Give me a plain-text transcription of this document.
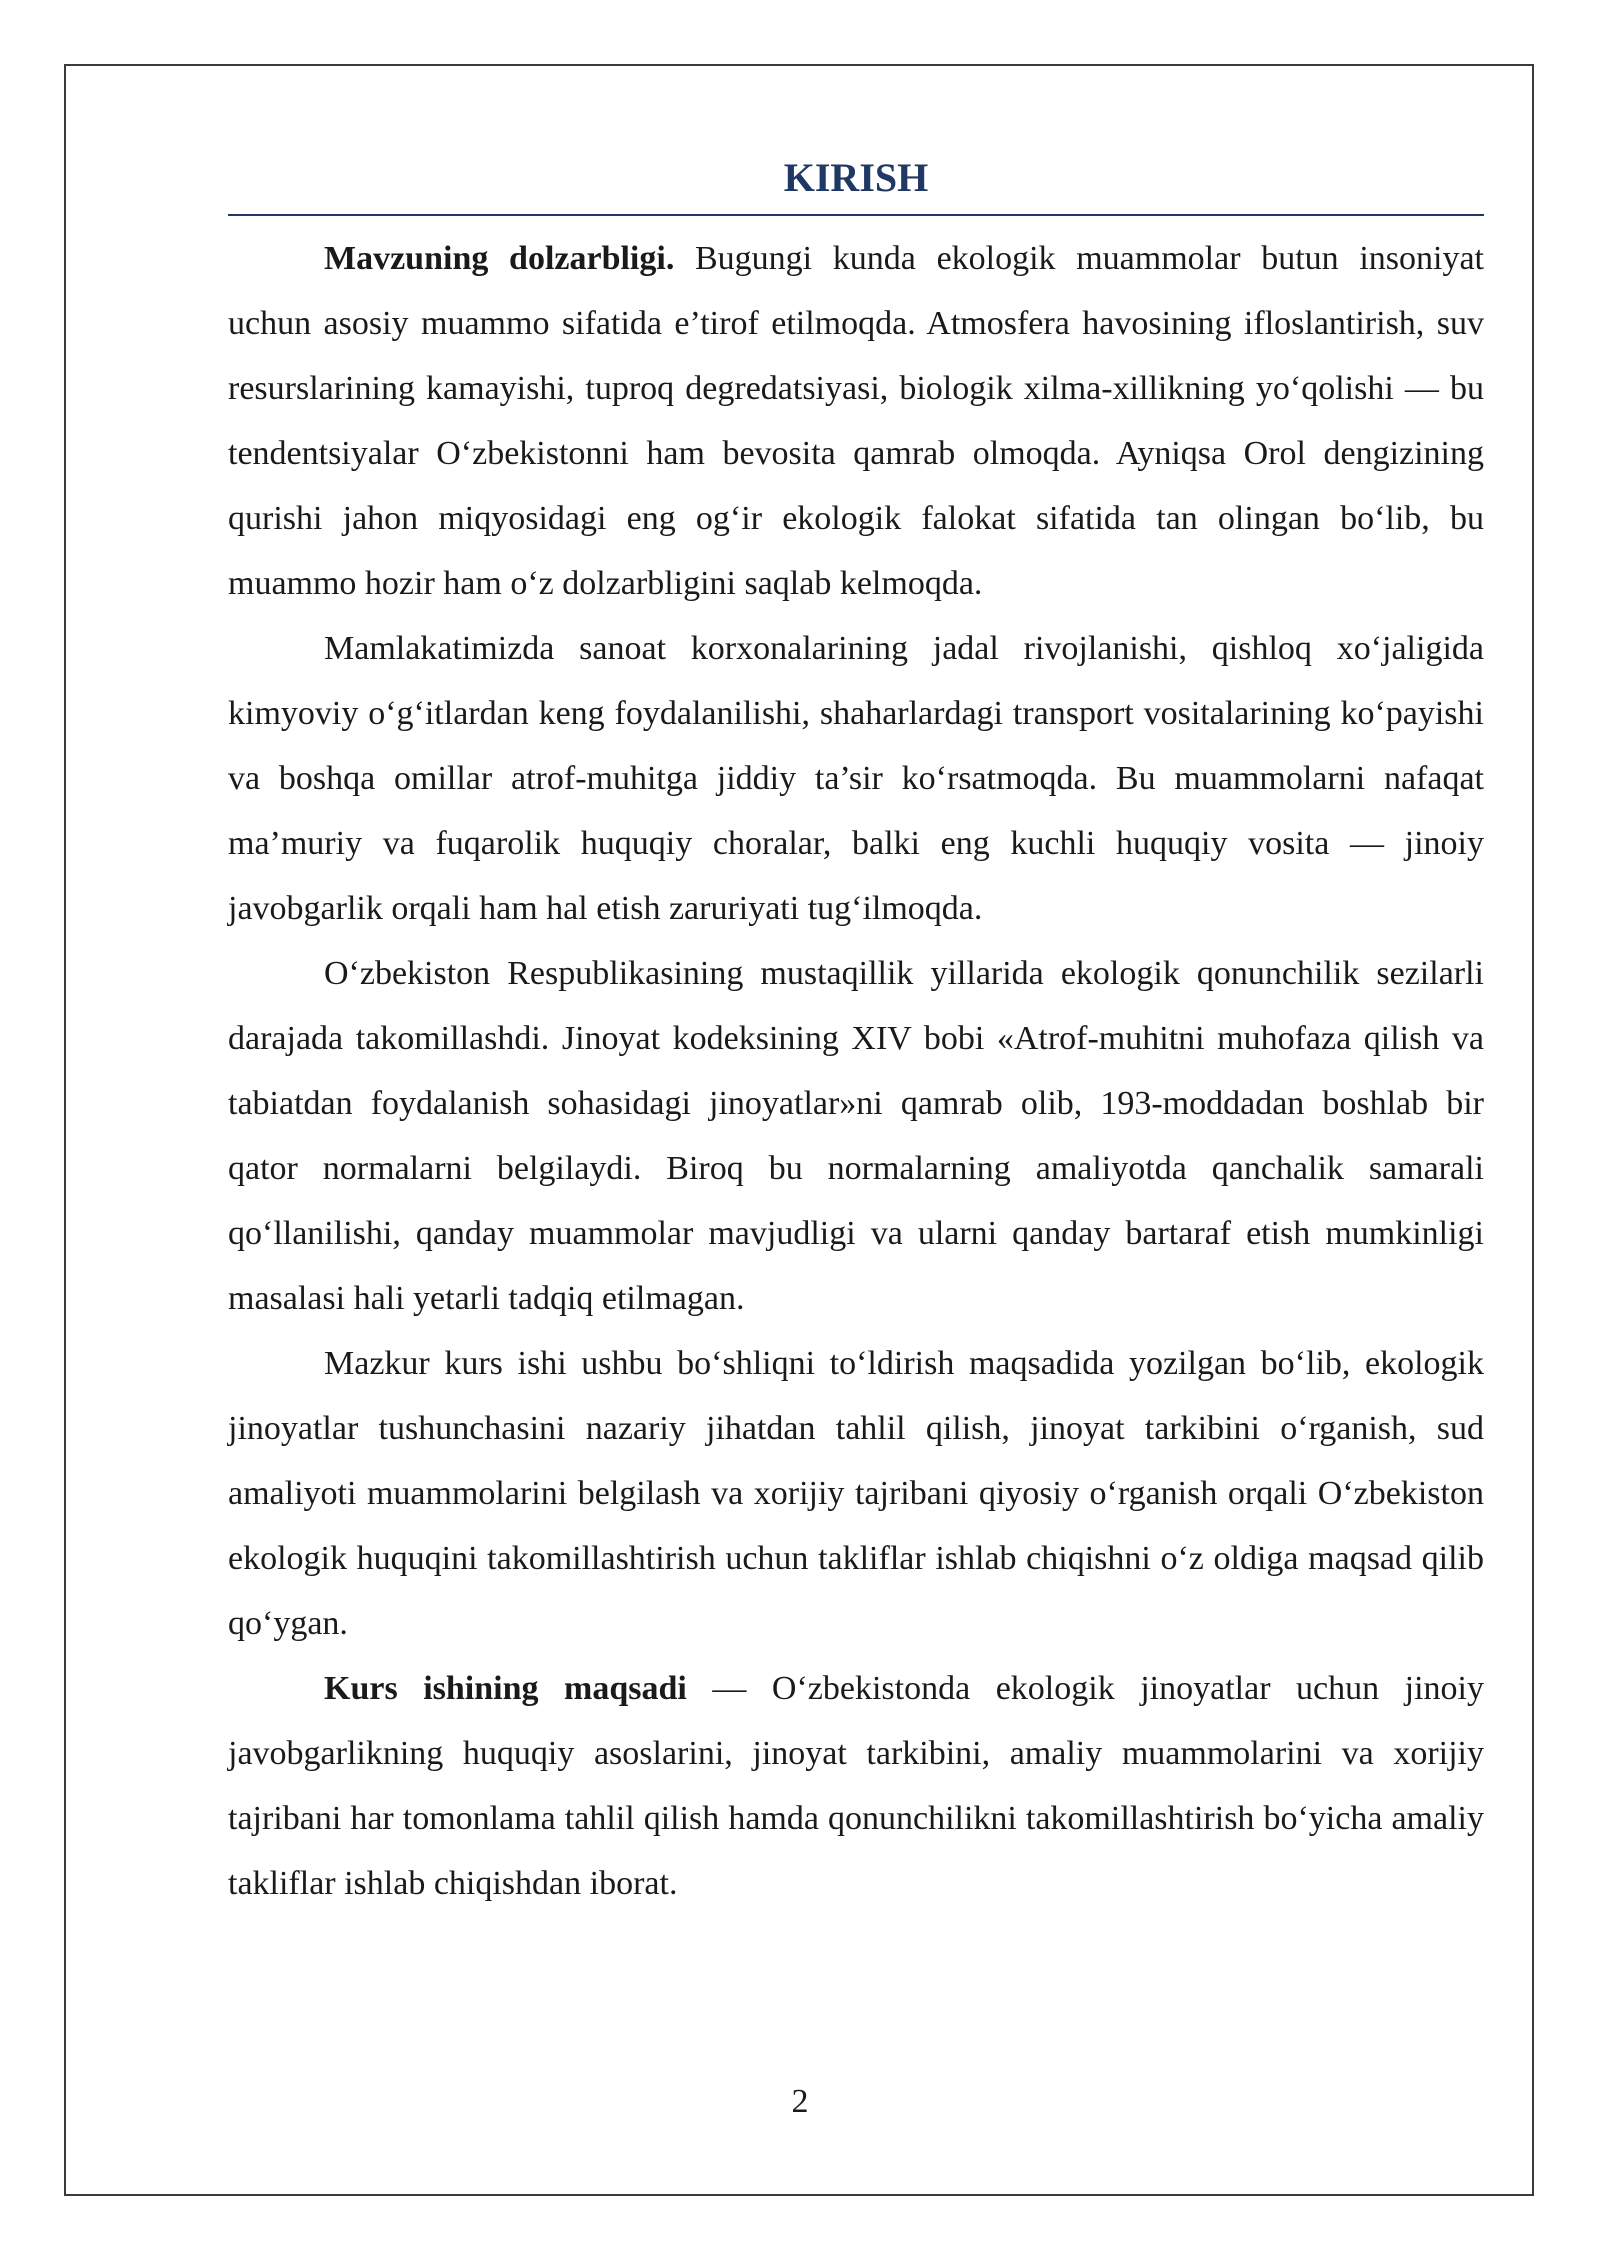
KIRISH

Mavzuning dolzarbligi. Bugungi kunda ekologik muammolar butun insoniyat uchun asosiy muammo sifatida e’tirof etilmoqda. Atmosfera havosining ifloslantirish, suv resurslarining kamayishi, tuproq degredatsiyasi, biologik xilma-xillikning yo‘qolishi — bu tendentsiyalar O‘zbekistonni ham bevosita qamrab olmoqda. Ayniqsa Orol dengizining qurishi jahon miqyosidagi eng og‘ir ekologik falokat sifatida tan olingan bo‘lib, bu muammo hozir ham o‘z dolzarbligini saqlab kelmoqda.

Mamlakatimizda sanoat korxonalarining jadal rivojlanishi, qishloq xo‘jaligida kimyoviy o‘g‘itlardan keng foydalanilishi, shaharlardagi transport vositalarining ko‘payishi va boshqa omillar atrof-muhitga jiddiy ta’sir ko‘rsatmoqda. Bu muammolarni nafaqat ma’muriy va fuqarolik huquqiy choralar, balki eng kuchli huquqiy vosita — jinoiy javobgarlik orqali ham hal etish zaruriyati tug‘ilmoqda.

O‘zbekiston Respublikasining mustaqillik yillarida ekologik qonunchilik sezilarli darajada takomillashdi. Jinoyat kodeksining XIV bobi «Atrof-muhitni muhofaza qilish va tabiatdan foydalanish sohasidagi jinoyatlar»ni qamrab olib, 193-moddadan boshlab bir qator normalarni belgilaydi. Biroq bu normalarning amaliyotda qanchalik samarali qo‘llanilishi, qanday muammolar mavjudligi va ularni qanday bartaraf etish mumkinligi masalasi hali yetarli tadqiq etilmagan.

Mazkur kurs ishi ushbu bo‘shliqni to‘ldirish maqsadida yozilgan bo‘lib, ekologik jinoyatlar tushunchasini nazariy jihatdan tahlil qilish, jinoyat tarkibini o‘rganish, sud amaliyoti muammolarini belgilash va xorijiy tajribani qiyosiy o‘rganish orqali O‘zbekiston ekologik huquqini takomillashtirish uchun takliflar ishlab chiqishni o‘z oldiga maqsad qilib qo‘ygan.

Kurs ishining maqsadi — O‘zbekistonda ekologik jinoyatlar uchun jinoiy javobgarlikning huquqiy asoslarini, jinoyat tarkibini, amaliy muammolarini va xorijiy tajribani har tomonlama tahlil qilish hamda qonunchilikni takomillashtirish bo‘yicha amaliy takliflar ishlab chiqishdan iborat.

2
